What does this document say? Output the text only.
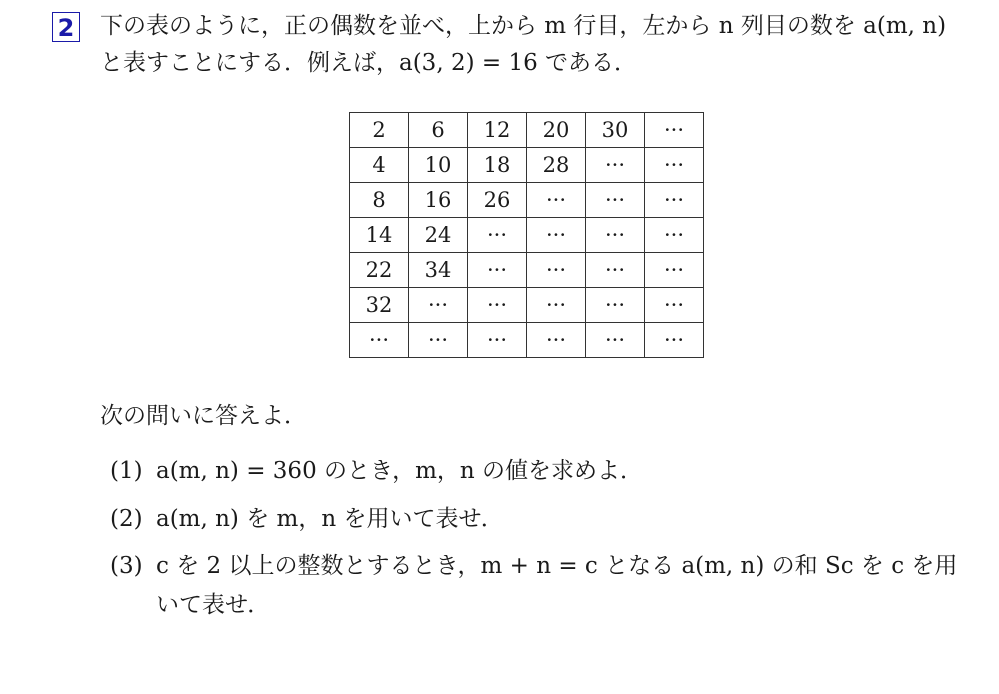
2 下の表のように，正の偶数を並べ，上から m 行目，左から n 列目の数を a(m, n)
と表すことにする．例えば，a(3, 2) = 16 である．
2	6	12	20	30	···
4	10	18	28	···	···
8	16	26	···	···	···
14	24	···	···	···	···
22	34	···	···	···	···
32	···	···	···	···	···
···	···	···	···	···	···
次の問いに答えよ．
(1) a(m, n) = 360 のとき，m，n の値を求めよ．
(2) a(m, n) を m，n を用いて表せ．
(3) c を 2 以上の整数とするとき，m + n = c となる a(m, n) の和 Sc を c を用
いて表せ．
